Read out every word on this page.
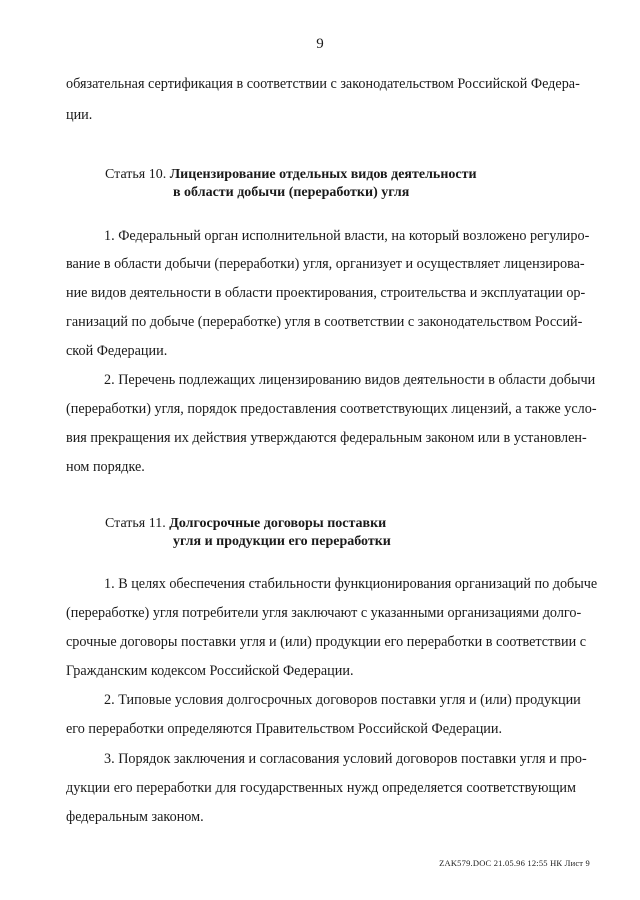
9
обязательная сертификация в соответствии с законодательством Российской Федера-
ции.
Статья 10. Лицензирование отдельных видов деятельности
в области добычи (переработки) угля
1. Федеральный орган исполнительной власти, на который возложено регулиро-
вание в области добычи (переработки) угля, организует и осуществляет лицензирова-
ние видов деятельности в области проектирования, строительства и эксплуатации ор-
ганизаций по добыче (переработке) угля в соответствии с законодательством Россий-
ской Федерации.
2. Перечень подлежащих лицензированию видов деятельности в области добычи
(переработки) угля, порядок предоставления соответствующих лицензий, а также усло-
вия прекращения их действия утверждаются федеральным законом или в установлен-
ном порядке.
Статья 11. Долгосрочные договоры поставки
угля и продукции его переработки
1. В целях обеспечения стабильности функционирования организаций по добыче
(переработке) угля потребители угля заключают с указанными организациями долго-
срочные договоры поставки угля и (или) продукции его переработки в соответствии с
Гражданским кодексом Российской Федерации.
2. Типовые условия долгосрочных договоров поставки угля и (или) продукции
его переработки определяются Правительством Российской Федерации.
3. Порядок заключения и согласования условий договоров поставки угля и про-
дукции его переработки для государственных нужд определяется соответствующим
федеральным законом.
ZAK579.DOC 21.05.96 12:55 НК Лист 9
